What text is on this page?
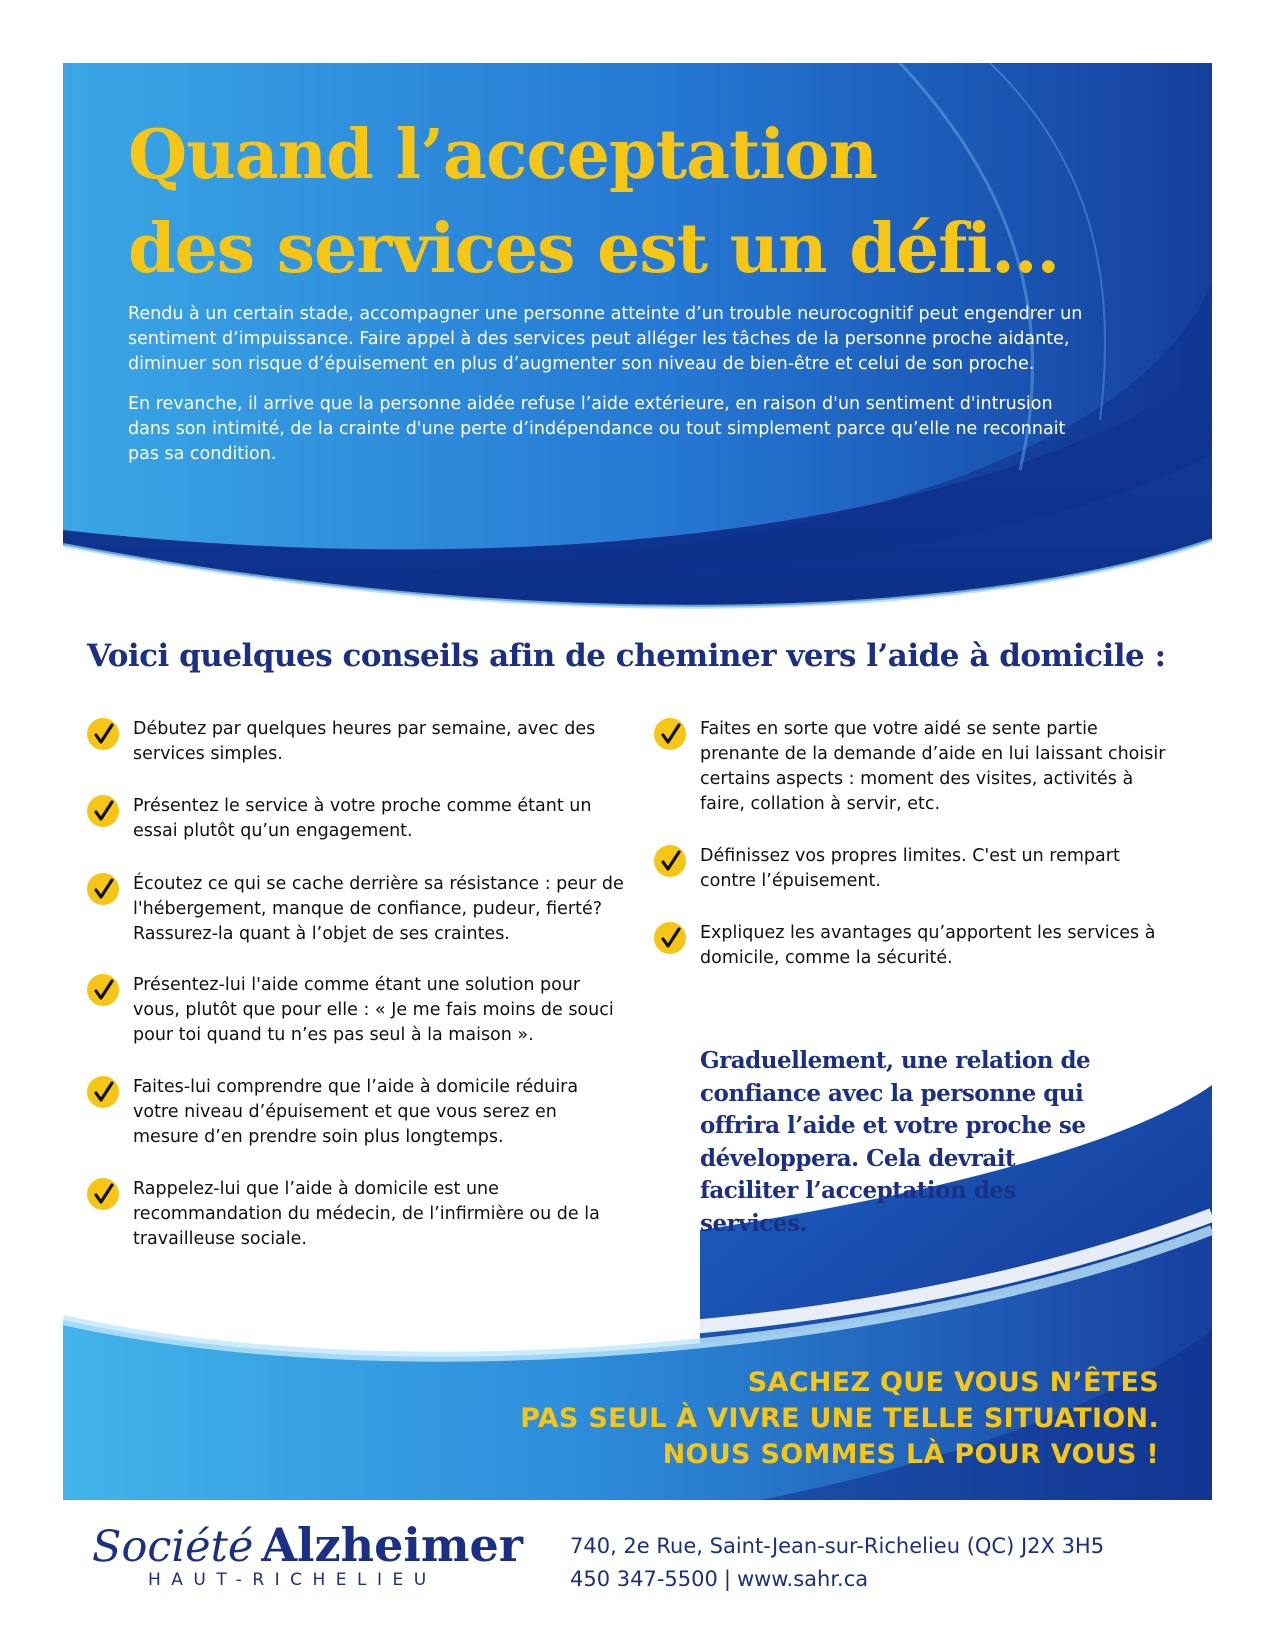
Quand l’acceptation
des services est un défi...

Rendu à un certain stade, accompagner une personne atteinte d’un trouble neurocognitif peut engendrer un sentiment d’impuissance. Faire appel à des services peut alléger les tâches de la personne proche aidante, diminuer son risque d’épuisement en plus d’augmenter son niveau de bien-être et celui de son proche.

En revanche, il arrive que la personne aidée refuse l’aide extérieure, en raison d'un sentiment d'intrusion dans son intimité, de la crainte d'une perte d’indépendance ou tout simplement parce qu’elle ne reconnait pas sa condition.

Voici quelques conseils afin de cheminer vers l’aide à domicile :
Débutez par quelques heures par semaine, avec des services simples.
Présentez le service à votre proche comme étant un essai plutôt qu’un engagement.
Écoutez ce qui se cache derrière sa résistance : peur de l'hébergement, manque de confiance, pudeur, fierté? Rassurez-la quant à l’objet de ses craintes.
Présentez-lui l'aide comme étant une solution pour vous, plutôt que pour elle : « Je me fais moins de souci pour toi quand tu n’es pas seul à la maison ».
Faites-lui comprendre que l’aide à domicile réduira votre niveau d’épuisement et que vous serez en mesure d’en prendre soin plus longtemps.
Rappelez-lui que l’aide à domicile est une recommandation du médecin, de l’infirmière ou de la travailleuse sociale.
Faites en sorte que votre aidé se sente partie prenante de la demande d’aide en lui laissant choisir certains aspects : moment des visites, activités à faire, collation à servir, etc.
Définissez vos propres limites. C'est un rempart contre l’épuisement.
Expliquez les avantages qu’apportent les services à domicile, comme la sécurité.

Graduellement, une relation de confiance avec la personne qui offrira l’aide et votre proche se développera. Cela devrait faciliter l’acceptation des services.

SACHEZ QUE VOUS N’ÊTES
PAS SEUL À VIVRE UNE TELLE SITUATION.
NOUS SOMMES LÀ POUR VOUS !
Société Alzheimer
HAUT-RICHELIEU
740, 2e Rue, Saint-Jean-sur-Richelieu (QC) J2X 3H5
450 347-5500 | www.sahr.ca
